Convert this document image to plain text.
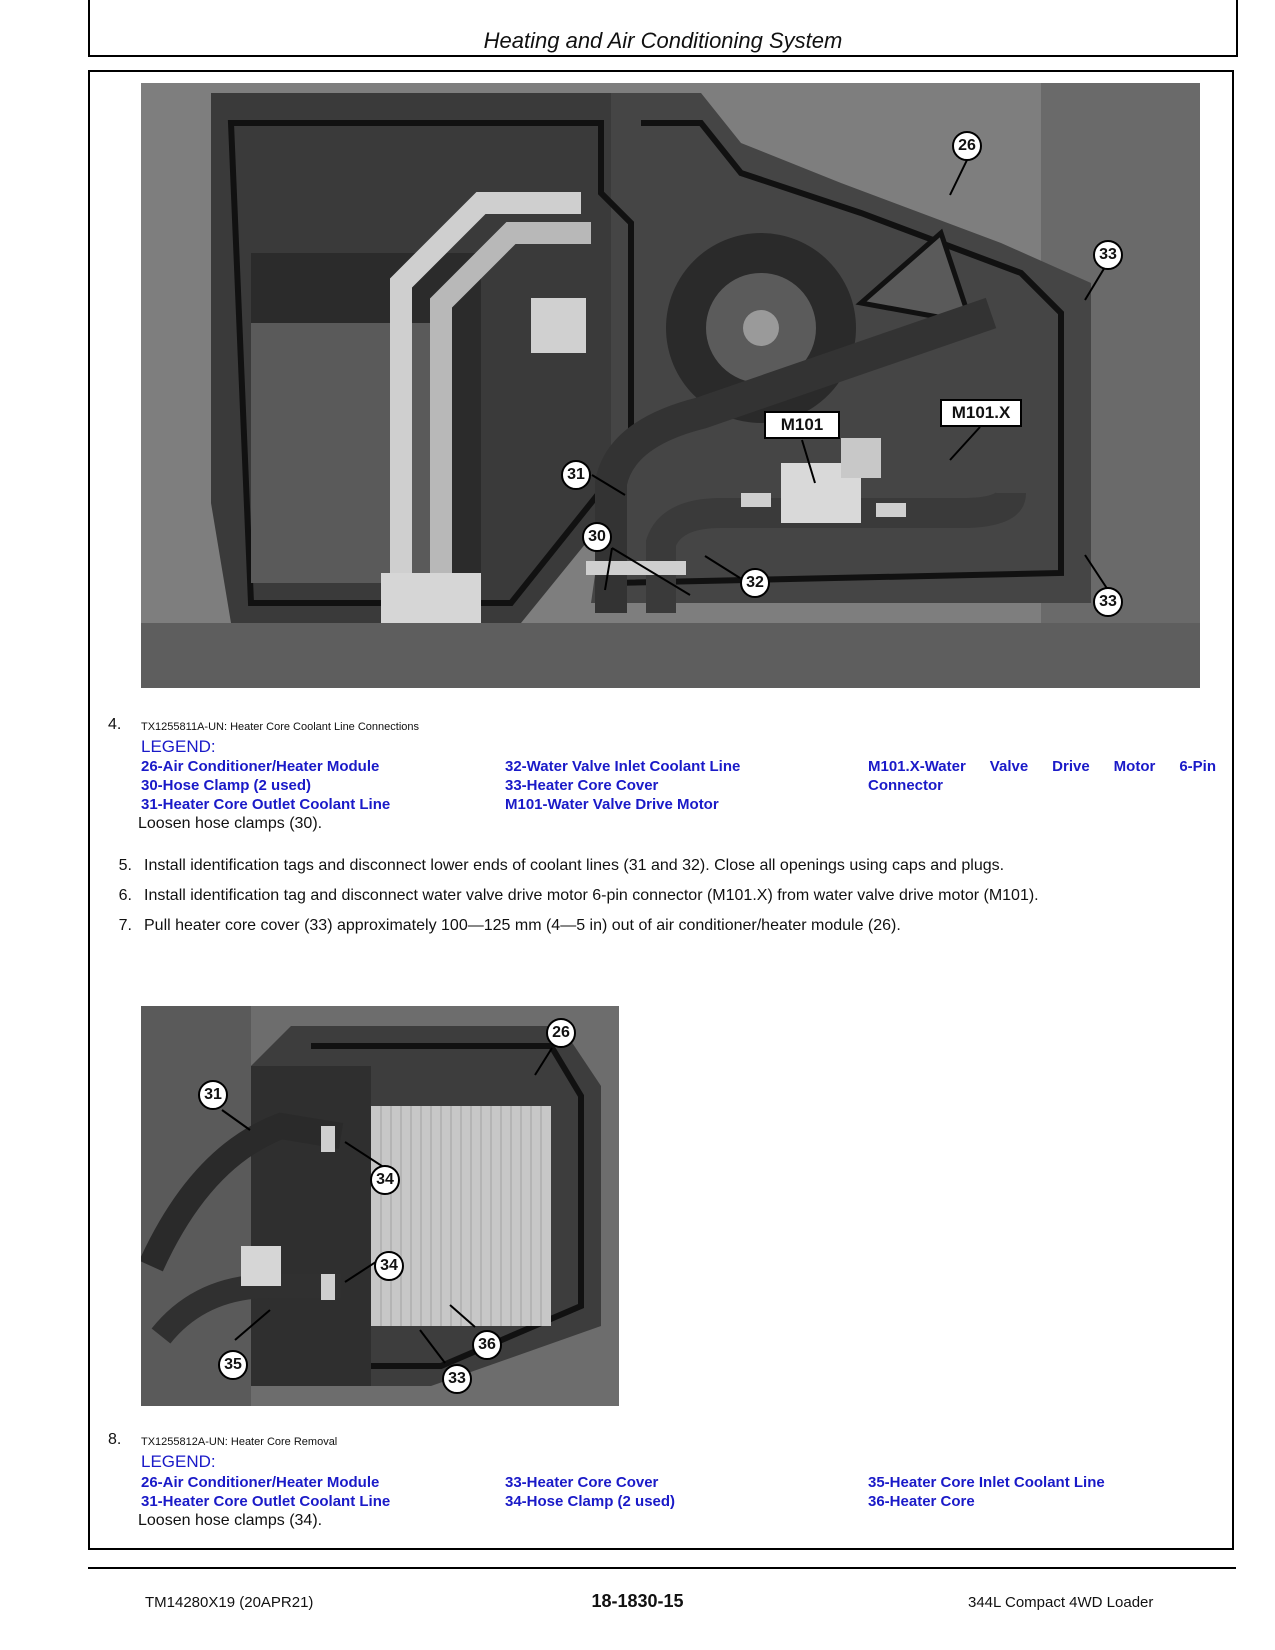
Heating and Air Conditioning System
26
33
33
31
30
32
M101
M101.X
4. TX1255811A-UN: Heater Core Coolant Line Connections
LEGEND:
26-Air Conditioner/Heater Module
30-Hose Clamp (2 used)
31-Heater Core Outlet Coolant Line
32-Water Valve Inlet Coolant Line
33-Heater Core Cover
M101-Water Valve Drive Motor
M101.X-Water Valve Drive Motor 6-Pin
Connector
Loosen hose clamps (30).
5. Install identification tags and disconnect lower ends of coolant lines (31 and 32). Close all openings using caps and plugs.
6. Install identification tag and disconnect water valve drive motor 6-pin connector (M101.X) from water valve drive motor (M101).
7. Pull heater core cover (33) approximately 100—125 mm (4—5 in) out of air conditioner/heater module (26).
26
31
34
34
36
35
33
8. TX1255812A-UN: Heater Core Removal
LEGEND:
26-Air Conditioner/Heater Module
31-Heater Core Outlet Coolant Line
33-Heater Core Cover
34-Hose Clamp (2 used)
35-Heater Core Inlet Coolant Line
36-Heater Core
Loosen hose clamps (34).
TM14280X19 (20APR21)	18-1830-15	344L Compact 4WD Loader
